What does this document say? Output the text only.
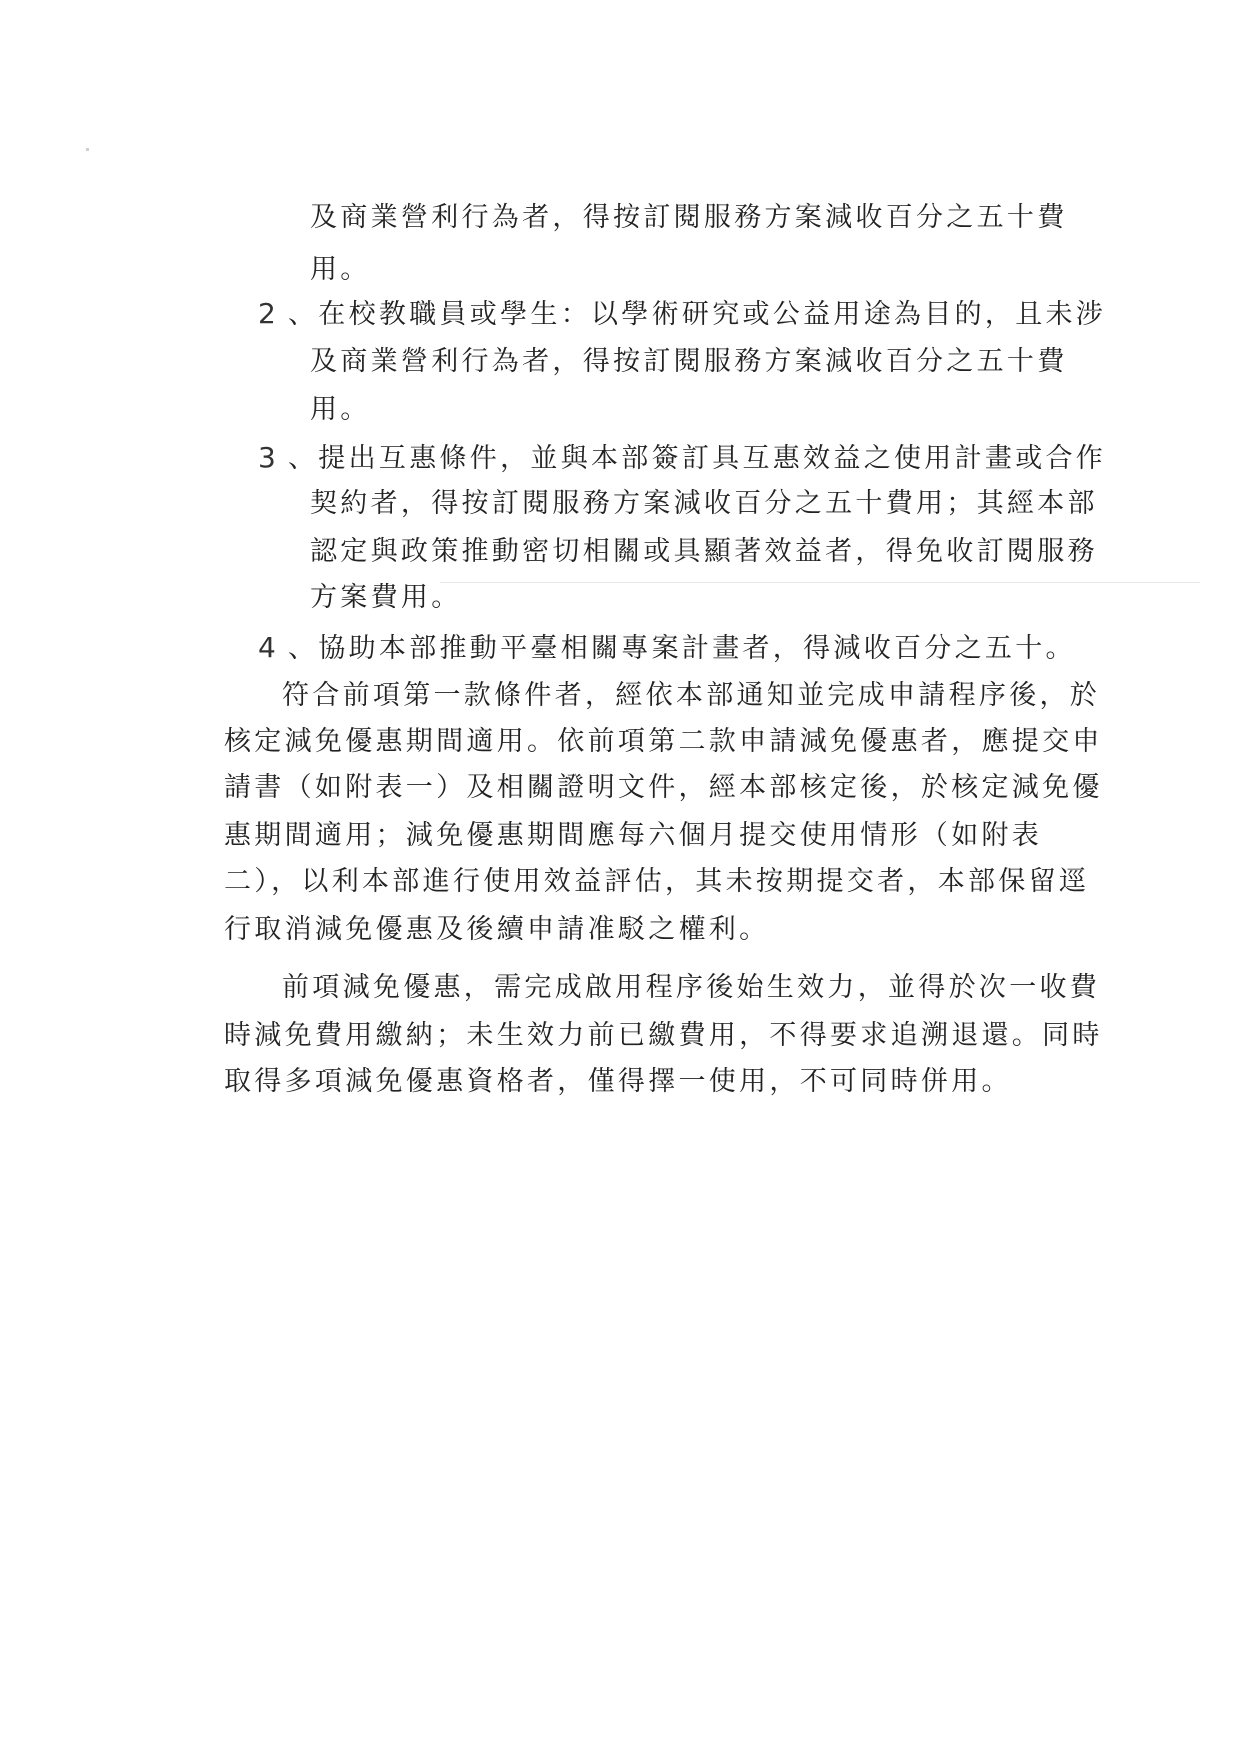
及商業營利行為者，得按訂閱服務方案減收百分之五十費
用。
2 、在校教職員或學生：以學術研究或公益用途為目的，且未涉
及商業營利行為者，得按訂閱服務方案減收百分之五十費
用。
3 、提出互惠條件，並與本部簽訂具互惠效益之使用計畫或合作
契約者，得按訂閱服務方案減收百分之五十費用；其經本部
認定與政策推動密切相關或具顯著效益者，得免收訂閱服務
方案費用。
4 、協助本部推動平臺相關專案計畫者，得減收百分之五十。
符合前項第一款條件者，經依本部通知並完成申請程序後，於
核定減免優惠期間適用。依前項第二款申請減免優惠者，應提交申
請書（如附表一）及相關證明文件，經本部核定後，於核定減免優
惠期間適用；減免優惠期間應每六個月提交使用情形（如附表
二），以利本部進行使用效益評估，其未按期提交者，本部保留逕
行取消減免優惠及後續申請准駁之權利。
前項減免優惠，需完成啟用程序後始生效力，並得於次一收費
時減免費用繳納；未生效力前已繳費用，不得要求追溯退還。同時
取得多項減免優惠資格者，僅得擇一使用，不可同時併用。
